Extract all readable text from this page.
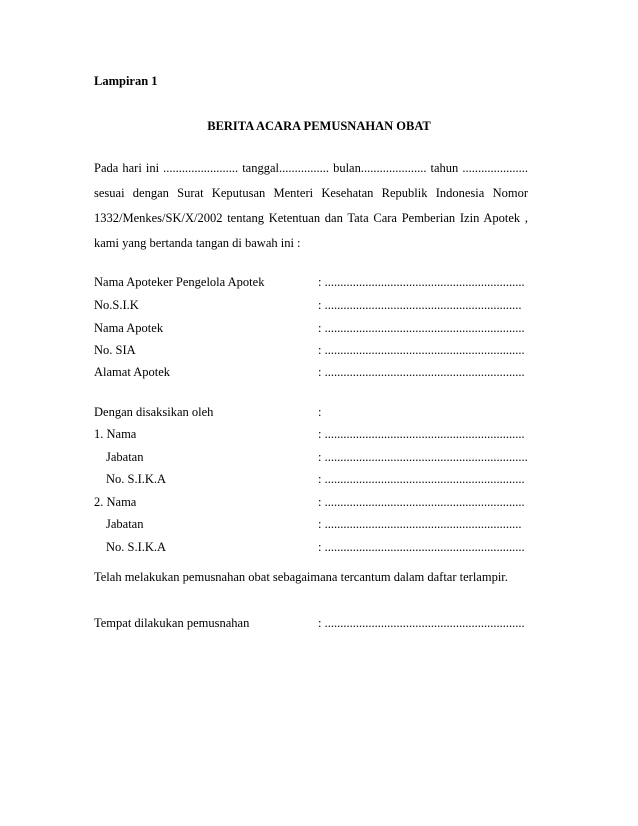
Lampiran 1
BERITA ACARA PEMUSNAHAN OBAT
Pada hari ini ........................ tanggal................ bulan..................... tahun .....................
sesuai dengan Surat Keputusan Menteri Kesehatan Republik Indonesia Nomor
1332/Menkes/SK/X/2002 tentang Ketentuan dan Tata Cara Pemberian Izin Apotek ,
kami yang bertanda tangan di bawah ini :
Nama Apoteker Pengelola Apotek	: ................................................................
No.S.I.K	: ...............................................................
Nama Apotek	: ................................................................
No. SIA	: ................................................................
Alamat Apotek	: ................................................................
Dengan disaksikan oleh	:
1. Nama	: ................................................................
Jabatan	: .................................................................
No. S.I.K.A	: ................................................................
2. Nama	: ................................................................
Jabatan	: ...............................................................
No. S.I.K.A	: ................................................................
Telah melakukan pemusnahan obat sebagaimana tercantum dalam daftar terlampir.
Tempat dilakukan pemusnahan	: ................................................................
